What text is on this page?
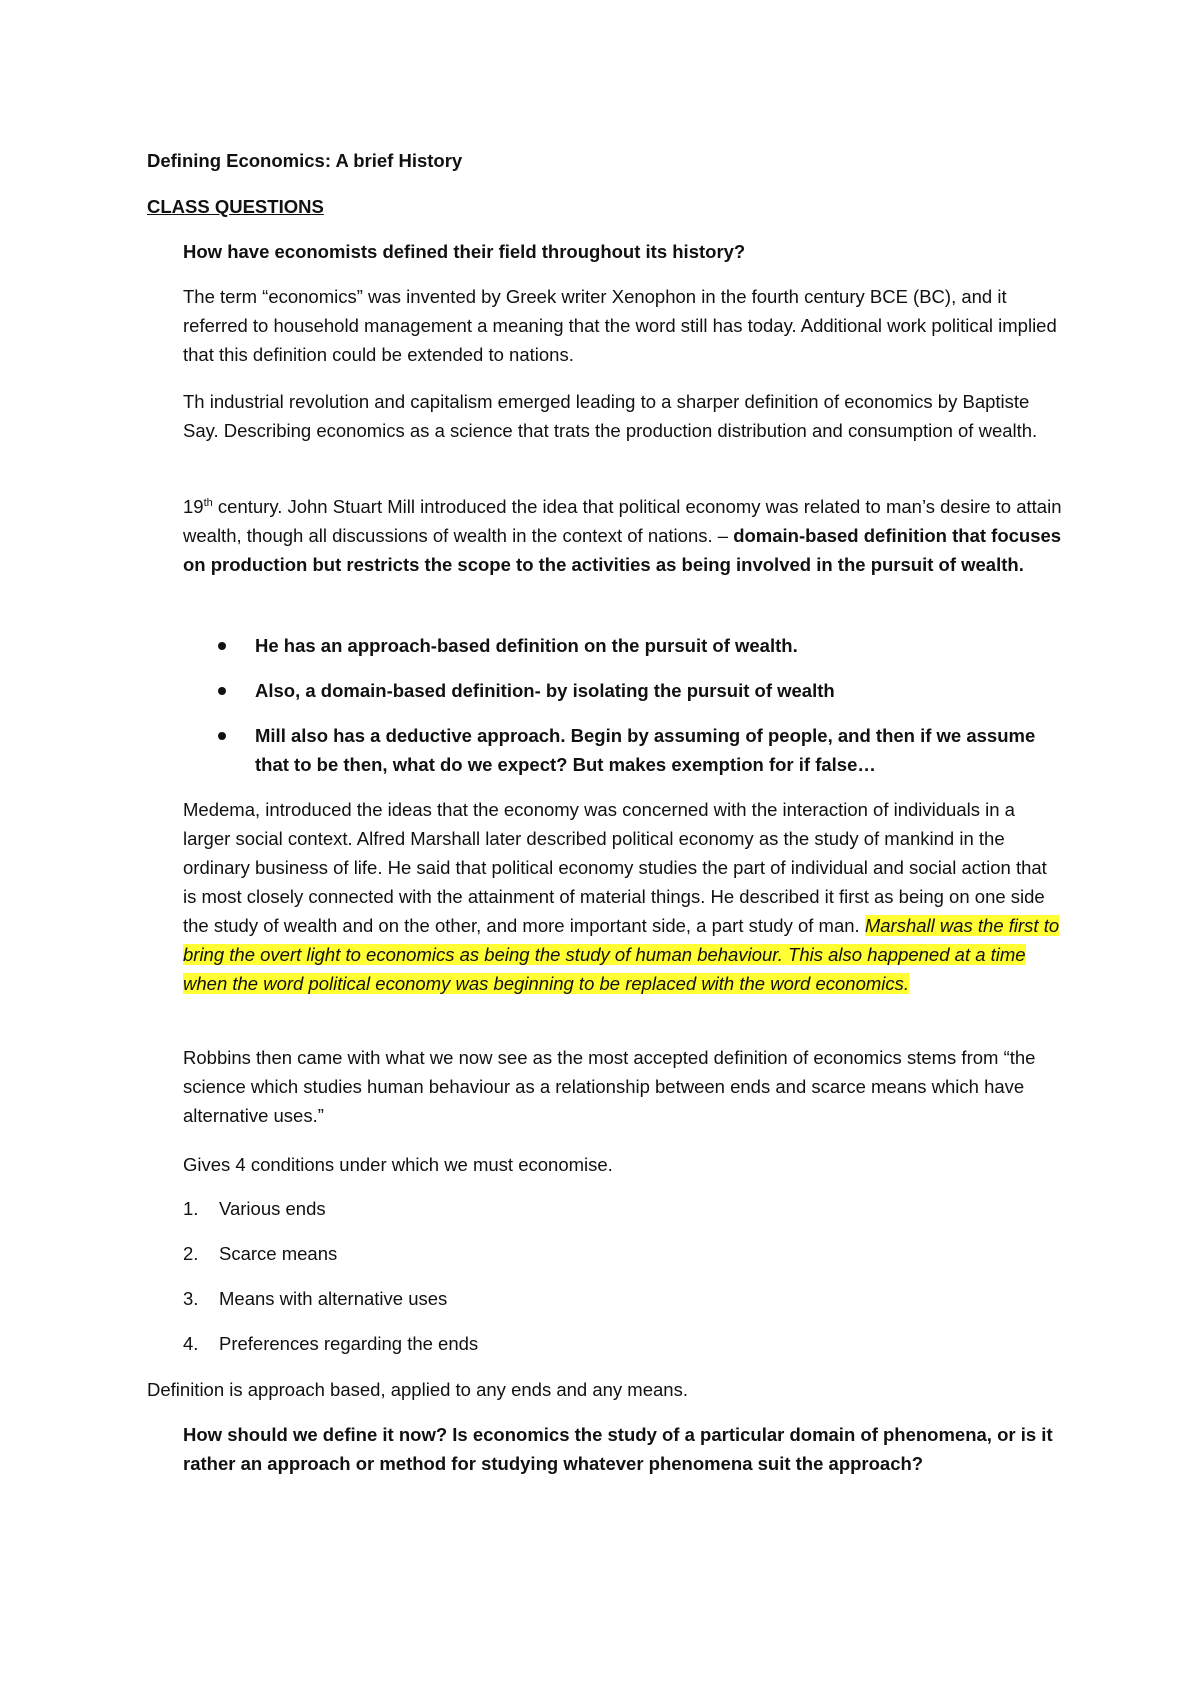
Defining Economics: A brief History
CLASS QUESTIONS
How have economists defined their field throughout its history?
The term “economics” was invented by Greek writer Xenophon in the fourth century BCE (BC), and it referred to household management a meaning that the word still has today. Additional work political implied that this definition could be extended to nations.
Th industrial revolution and capitalism emerged leading to a sharper definition of economics by Baptiste Say. Describing economics as a science that trats the production distribution and consumption of wealth.
19th century. John Stuart Mill introduced the idea that political economy was related to man’s desire to attain wealth, though all discussions of wealth in the context of nations. – domain-based definition that focuses on production but restricts the scope to the activities as being involved in the pursuit of wealth.
He has an approach-based definition on the pursuit of wealth.
Also, a domain-based definition- by isolating the pursuit of wealth
Mill also has a deductive approach. Begin by assuming of people, and then if we assume that to be then, what do we expect? But makes exemption for if false…
Medema, introduced the ideas that the economy was concerned with the interaction of individuals in a larger social context. Alfred Marshall later described political economy as the study of mankind in the ordinary business of life. He said that political economy studies the part of individual and social action that is most closely connected with the attainment of material things. He described it first as being on one side the study of wealth and on the other, and more important side, a part study of man. Marshall was the first to bring the overt light to economics as being the study of human behaviour. This also happened at a time when the word political economy was beginning to be replaced with the word economics.
Robbins then came with what we now see as the most accepted definition of economics stems from “the science which studies human behaviour as a relationship between ends and scarce means which have alternative uses.”
Gives 4 conditions under which we must economise.
1. Various ends
2. Scarce means
3. Means with alternative uses
4. Preferences regarding the ends
Definition is approach based, applied to any ends and any means.
How should we define it now? Is economics the study of a particular domain of phenomena, or is it rather an approach or method for studying whatever phenomena suit the approach?
